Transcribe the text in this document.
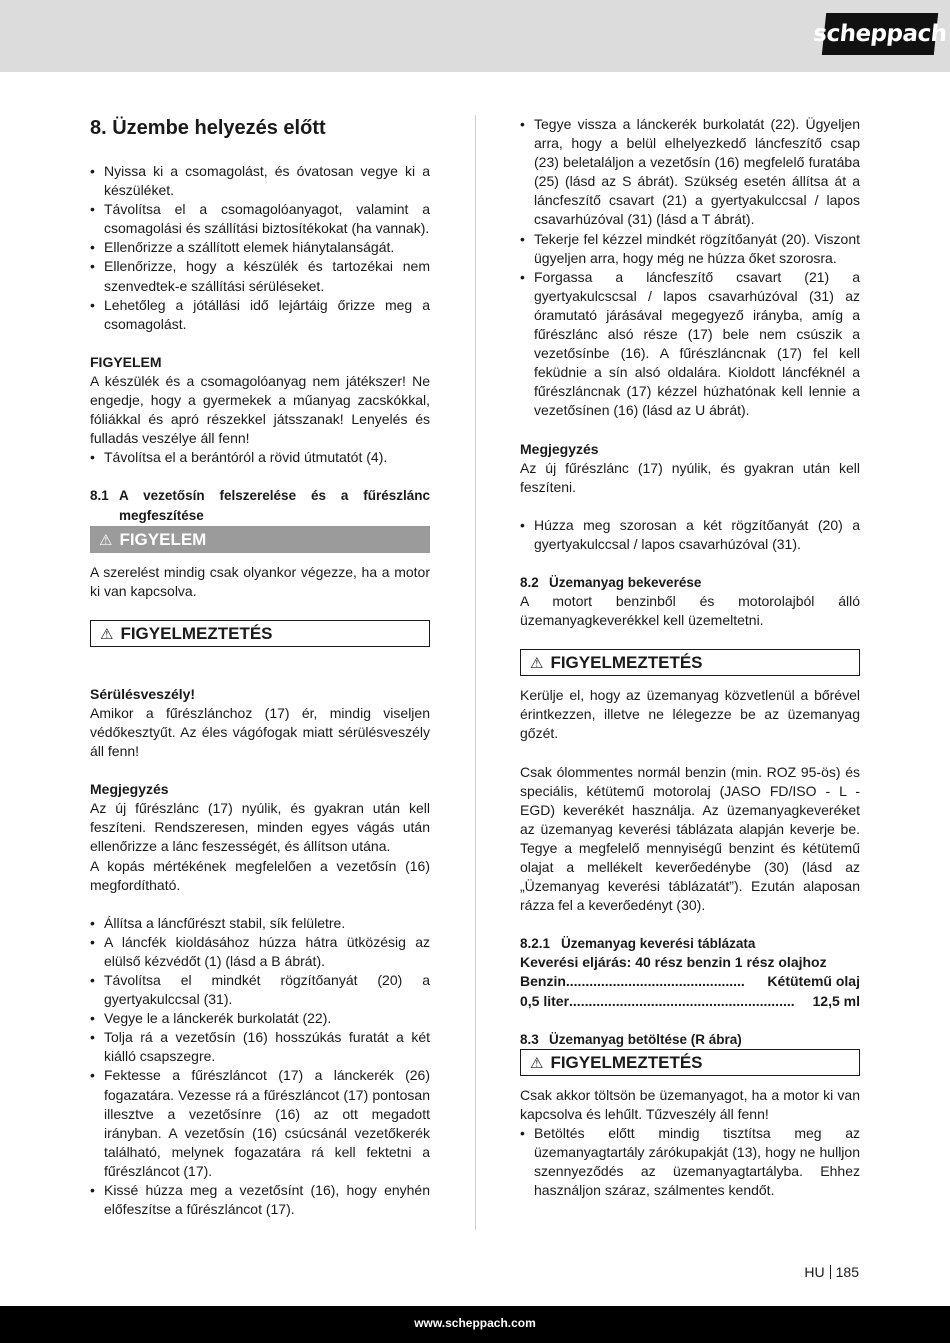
scheppach
8. Üzembe helyezés előtt
• Nyissa ki a csomagolást, és óvatosan vegye ki a készüléket.
• Távolítsa el a csomagolóanyagot, valamint a csomagolási és szállítási biztosítékokat (ha vannak).
• Ellenőrizze a szállított elemek hiánytalanságát.
• Ellenőrizze, hogy a készülék és tartozékai nem szenvedtek-e szállítási sérüléseket.
• Lehetőleg a jótállási idő lejártáig őrizze meg a csomagolást.

FIGYELEM

A készülék és a csomagolóanyag nem játékszer! Ne engedje, hogy a gyermekek a műanyag zacskókkal, fóliákkal és apró részekkel játsszanak! Lenyelés és fulladás veszélye áll fenn!

• Távolítsa el a berántóról a rövid útmutatót (4).
8.1 A vezetősín felszerelése és a fűrészlánc megfeszítése
⚠ FIGYELEM

A szerelést mindig csak olyankor végezze, ha a motor ki van kapcsolva.

⚠ FIGYELMEZTETÉS

Sérülésveszély!

Amikor a fűrészlánchoz (17) ér, mindig viseljen védőkesztyűt. Az éles vágófogak miatt sérülésveszély áll fenn!

Megjegyzés

Az új fűrészlánc (17) nyúlik, és gyakran után kell feszíteni. Rendszeresen, minden egyes vágás után ellenőrizze a lánc feszességét, és állítson utána.

A kopás mértékének megfelelően a vezetősín (16) megfordítható.

• Állítsa a láncfűrészt stabil, sík felületre.
• A láncfék kioldásához húzza hátra ütközésig az elülső kézvédőt (1) (lásd a B ábrát).
• Távolítsa el mindkét rögzítőanyát (20) a gyertyakulccsal (31).
• Vegye le a lánckerék burkolatát (22).
• Tolja rá a vezetősín (16) hosszúkás furatát a két kiálló csapszegre.
• Fektesse a fűrészláncot (17) a lánckerék (26) fogazatára. Vezesse rá a fűrészláncot (17) pontosan illesztve a vezetősínre (16) az ott megadott irányban. A vezetősín (16) csúcsánál vezetőkerék található, melynek fogazatára rá kell fektetni a fűrészláncot (17).
• Kissé húzza meg a vezetősínt (16), hogy enyhén előfeszítse a fűrészláncot (17).
• Tegye vissza a lánckerék burkolatát (22). Ügyeljen arra, hogy a belül elhelyezkedő láncfeszítő csap (23) beletaláljon a vezetősín (16) megfelelő furatába (25) (lásd az S ábrát). Szükség esetén állítsa át a láncfeszítő csavart (21) a gyertyakulccsal / lapos csavarhúzóval (31) (lásd a T ábrát).
• Tekerje fel kézzel mindkét rögzítőanyát (20). Viszont ügyeljen arra, hogy még ne húzza őket szorosra.
• Forgassa a láncfeszítő csavart (21) a gyertyakulcscsal / lapos csavarhúzóval (31) az óramutató járásával megegyező irányba, amíg a fűrészlánc alsó része (17) bele nem csúszik a vezetősínbe (16). A fűrészláncnak (17) fel kell feküdnie a sín alsó oldalára. Kioldott láncféknél a fűrészláncnak (17) kézzel húzhatónak kell lennie a vezetősínen (16) (lásd az U ábrát).

Megjegyzés

Az új fűrészlánc (17) nyúlik, és gyakran után kell feszíteni.

• Húzza meg szorosan a két rögzítőanyát (20) a gyertyakulccsal / lapos csavarhúzóval (31).
8.2 Üzemanyag bekeverése

A motort benzinből és motorolajból álló üzemanyagkeverékkel kell üzemeltetni.

⚠ FIGYELMEZTETÉS

Kerülje el, hogy az üzemanyag közvetlenül a bőrével érintkezzen, illetve ne lélegezze be az üzemanyag gőzét.

Csak ólommentes normál benzin (min. ROZ 95-ös) és speciális, kétütemű motorolaj (JASO FD/ISO - L - EGD) keverékét használja. Az üzemanyagkeveréket az üzemanyag keverési táblázata alapján keverje be. Tegye a megfelelő mennyiségű benzint és kétütemű olajat a mellékelt keverőedénybe (30) (lásd az „Üzemanyag keverési táblázatát”). Ezután alaposan rázza fel a keverőedényt (30).

8.2.1 Üzemanyag keverési táblázata

Keverési eljárás: 40 rész benzin 1 rész olajhoz

Benzin ..............................................	Kétütemű olaj
0,5 liter ..........................................................	12,5 ml
8.3 Üzemanyag betöltése (R ábra)
⚠ FIGYELMEZTETÉS

Csak akkor töltsön be üzemanyagot, ha a motor ki van kapcsolva és lehűlt. Tűzveszély áll fenn!

• Betöltés előtt mindig tisztítsa meg az üzemanyagtartály zárókupakját (13), hogy ne hulljon szennyeződés az üzemanyagtartályba. Ehhez használjon száraz, szálmentes kendőt.
HU 185
www.scheppach.com
